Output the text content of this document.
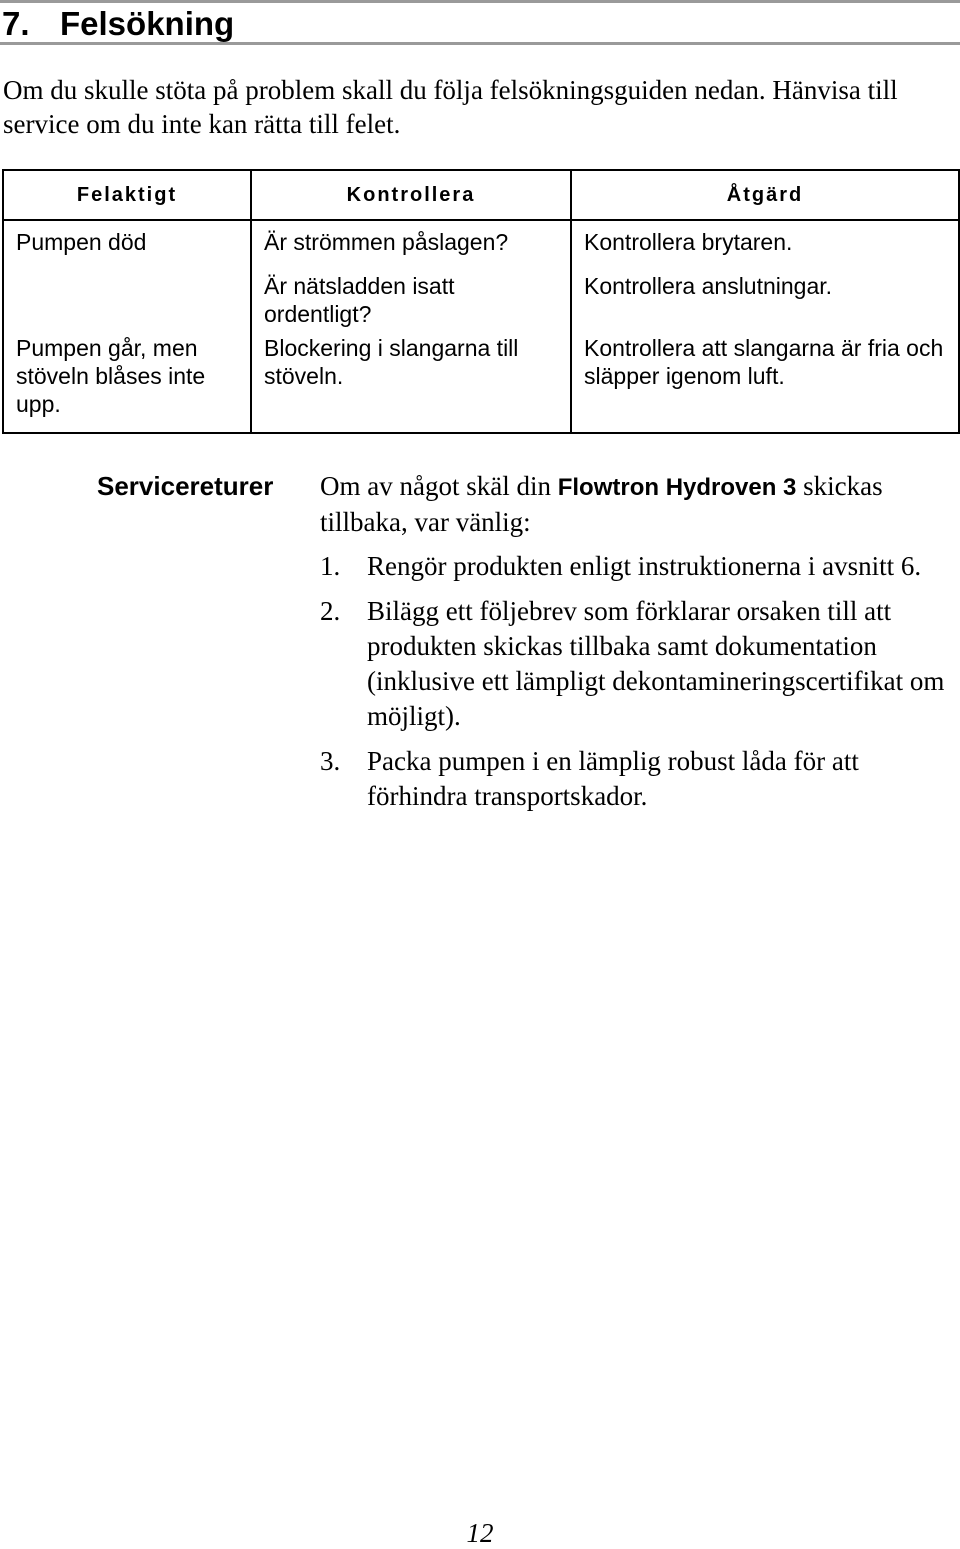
7. Felsökning

Om du skulle stöta på problem skall du följa felsökningsguiden nedan. Hänvisa till service om du inte kan rätta till felet.

Felaktigt	Kontrollera	Åtgärd
Pumpen död	Är strömmen påslagen?	Kontrollera brytaren.
	Är nätsladden isatt ordentligt?	Kontrollera anslutningar.
Pumpen går, men stöveln blåses inte upp.	Blockering i slangarna till stöveln.	Kontrollera att slangarna är fria och släpper igenom luft.
Servicereturer Om av något skäl din Flowtron Hydroven 3 skickas tillbaka, var vänlig:
1. Rengör produkten enligt instruktionerna i avsnitt 6.
2. Bilägg ett följebrev som förklarar orsaken till att produkten skickas tillbaka samt dokumentation (inklusive ett lämpligt dekontamineringscertifikat om möjligt).
3. Packa pumpen i en lämplig robust låda för att förhindra transportskador.
12
